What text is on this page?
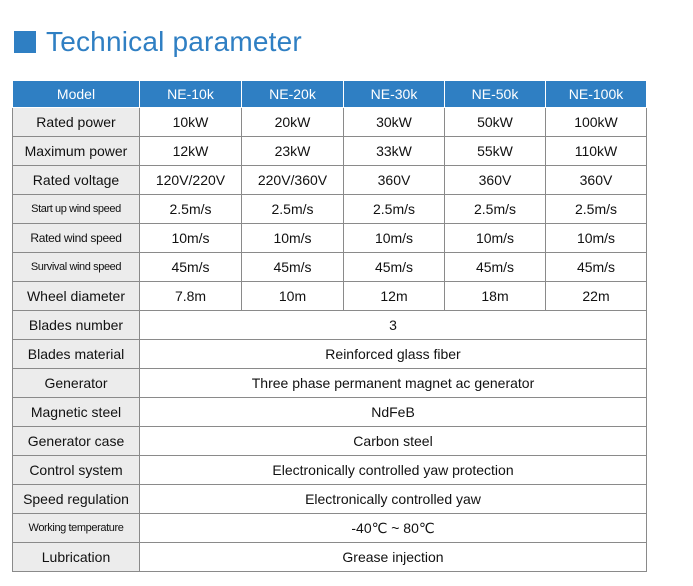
Technical parameter
Model	NE-10k	NE-20k	NE-30k	NE-50k	NE-100k
Rated power	10kW	20kW	30kW	50kW	100kW
Maximum power	12kW	23kW	33kW	55kW	110kW
Rated voltage	120V/220V	220V/360V	360V	360V	360V
Start up wind speed	2.5m/s	2.5m/s	2.5m/s	2.5m/s	2.5m/s
Rated wind speed	10m/s	10m/s	10m/s	10m/s	10m/s
Survival wind speed	45m/s	45m/s	45m/s	45m/s	45m/s
Wheel diameter	7.8m	10m	12m	18m	22m
Blades number	3				
Blades material	Reinforced glass fiber				
Generator	Three phase permanent magnet ac generator				
Magnetic steel	NdFeB				
Generator case	Carbon steel				
Control system	Electronically controlled yaw protection				
Speed regulation	Electronically controlled yaw				
Working temperature	-40℃ ~ 80℃				
Lubrication	Grease injection				
